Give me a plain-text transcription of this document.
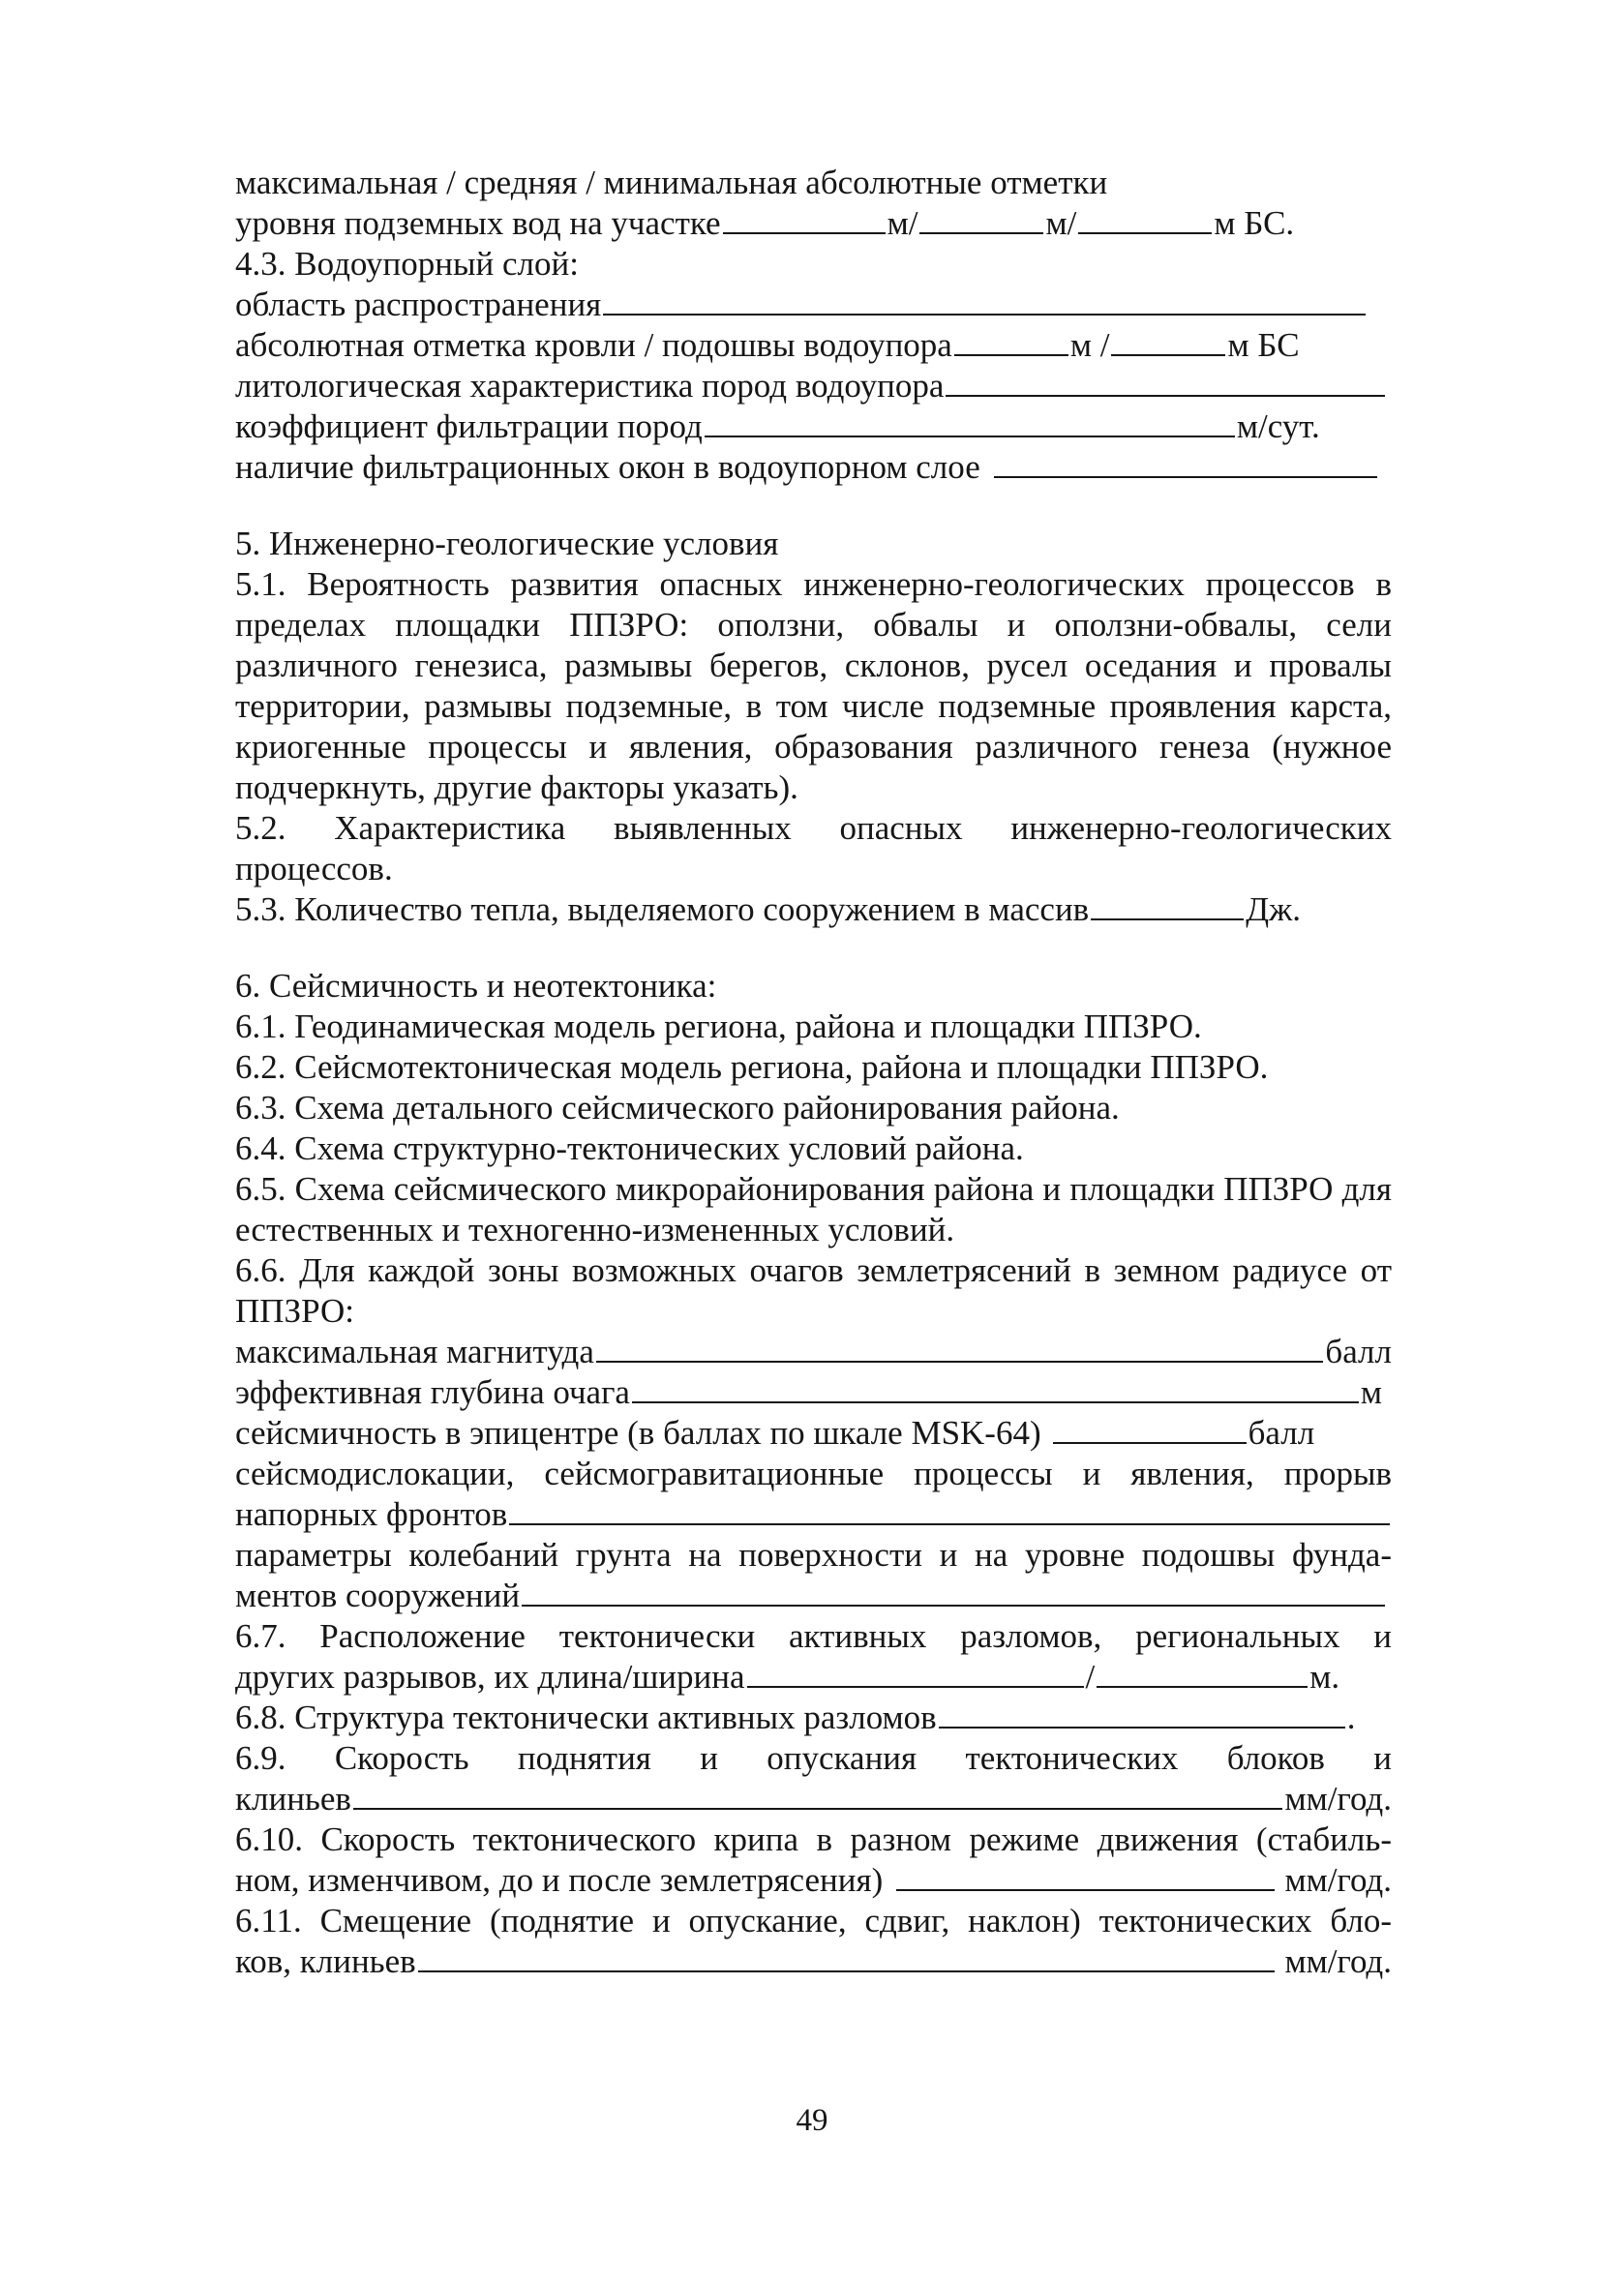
максимальная / средняя / минимальная абсолютные отметки
уровня подземных вод на участке	м/	м/	м БС.
4.3. Водоупорный слой:
область распространения
абсолютная отметка кровли / подошвы водоупора	м /	м БС
литологическая характеристика пород водоупора
коэффициент фильтрации пород	м/сут.
наличие фильтрационных окон в водоупорном слое
5. Инженерно-геологические условия
5.1. Вероятность развития опасных инженерно-геологических процессов в пределах площадки ППЗРО: оползни, обвалы и оползни-обвалы, сели различного генезиса, размывы берегов, склонов, русел оседания и провалы территории, размывы подземные, в том числе подземные проявления карста, криогенные процессы и явления, образования различного генеза (нужное подчеркнуть, другие факторы указать).
5.2. Характеристика выявленных опасных инженерно-геологических процессов.
5.3. Количество тепла, выделяемого сооружением в массив	Дж.
6. Сейсмичность и неотектоника:
6.1. Геодинамическая модель региона, района и площадки ППЗРО.
6.2. Сейсмотектоническая модель региона, района и площадки ППЗРО.
6.3. Схема детального сейсмического районирования района.
6.4. Схема структурно-тектонических условий района.
6.5. Схема сейсмического микрорайонирования района и площадки ППЗРО для естественных и техногенно-измененных условий.
6.6. Для каждой зоны возможных очагов землетрясений в земном радиусе от ППЗРО:
максимальная магнитуда	балл
эффективная глубина очага	м
сейсмичность в эпицентре (в баллах по шкале MSK-64)	балл
сейсмодислокации, сейсмогравитационные процессы и явления, прорыв
напорных фронтов
параметры колебаний грунта на поверхности и на уровне подошвы фунда-
ментов сооружений
6.7. Расположение тектонически активных разломов, региональных и
других разрывов, их длина/ширина	/	м.
6.8. Структура тектонически активных разломов	.
6.9. Скорость поднятия и опускания тектонических блоков и
клиньев	мм/год.
6.10. Скорость тектонического крипа в разном режиме движения (стабиль-
ном, изменчивом, до и после землетрясения)	мм/год.
6.11. Смещение (поднятие и опускание, сдвиг, наклон) тектонических бло-
ков, клиньев	мм/год.
49
